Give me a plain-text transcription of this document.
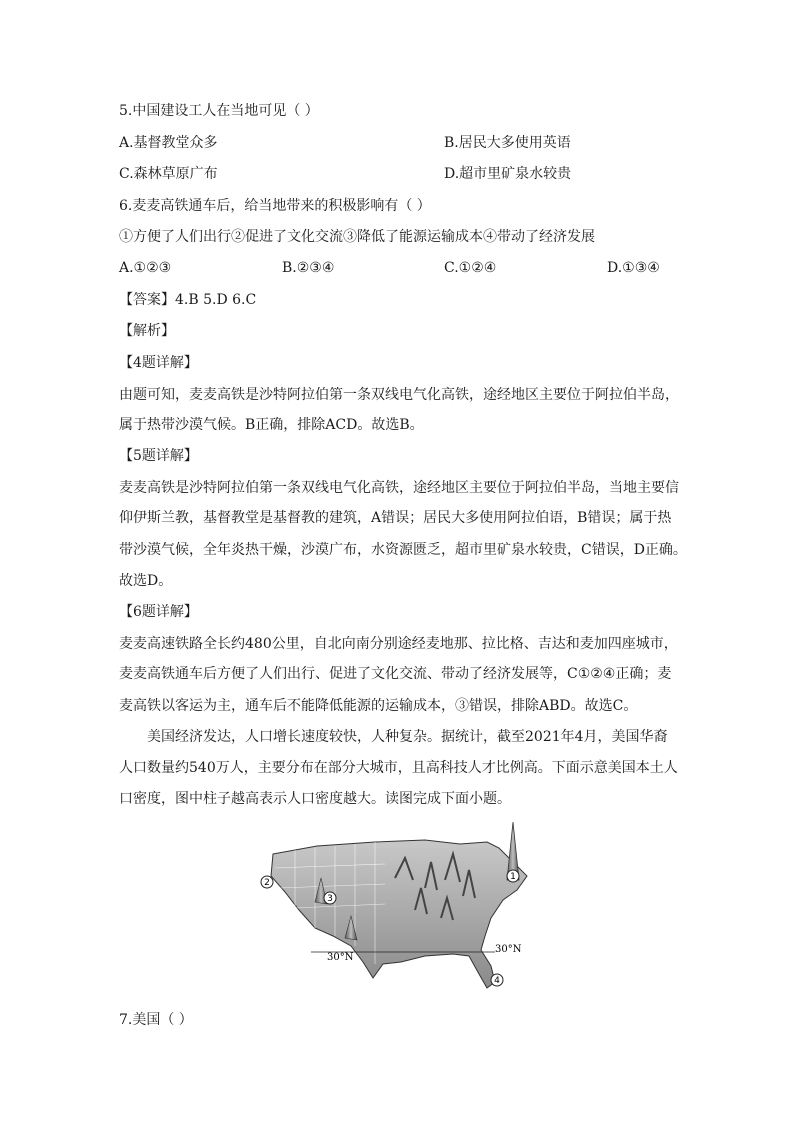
5.中国建设工人在当地可见（ ）
A.基督教堂众多	B.居民大多使用英语
C.森林草原广布	D.超市里矿泉水较贵
6.麦麦高铁通车后，给当地带来的积极影响有（ ）
①方便了人们出行②促进了文化交流③降低了能源运输成本④带动了经济发展
A.①②③	B.②③④	C.①②④	D.①③④
【答案】4.B 5.D 6.C
【解析】
【4题详解】
由题可知，麦麦高铁是沙特阿拉伯第一条双线电气化高铁，途经地区主要位于阿拉伯半岛，
属于热带沙漠气候。B正确，排除ACD。故选B。
【5题详解】
麦麦高铁是沙特阿拉伯第一条双线电气化高铁，途经地区主要位于阿拉伯半岛，当地主要信
仰伊斯兰教，基督教堂是基督教的建筑，A错误；居民大多使用阿拉伯语，B错误；属于热
带沙漠气候，全年炎热干燥，沙漠广布，水资源匮乏，超市里矿泉水较贵，C错误，D正确。
故选D。
【6题详解】
麦麦高速铁路全长约480公里，自北向南分别途经麦地那、拉比格、吉达和麦加四座城市，
麦麦高铁通车后方便了人们出行、促进了文化交流、带动了经济发展等，C①②④正确；麦
麦高铁以客运为主，通车后不能降低能源的运输成本，③错误，排除ABD。故选C。
美国经济发达，人口增长速度较快，人种复杂。据统计，截至2021年4月，美国华裔
人口数量约540万人，主要分布在部分大城市，且高科技人才比例高。下面示意美国本土人
口密度，图中柱子越高表示人口密度越大。读图完成下面小题。
30°N
30°N
1
2
3
4
7.美国（ ）
